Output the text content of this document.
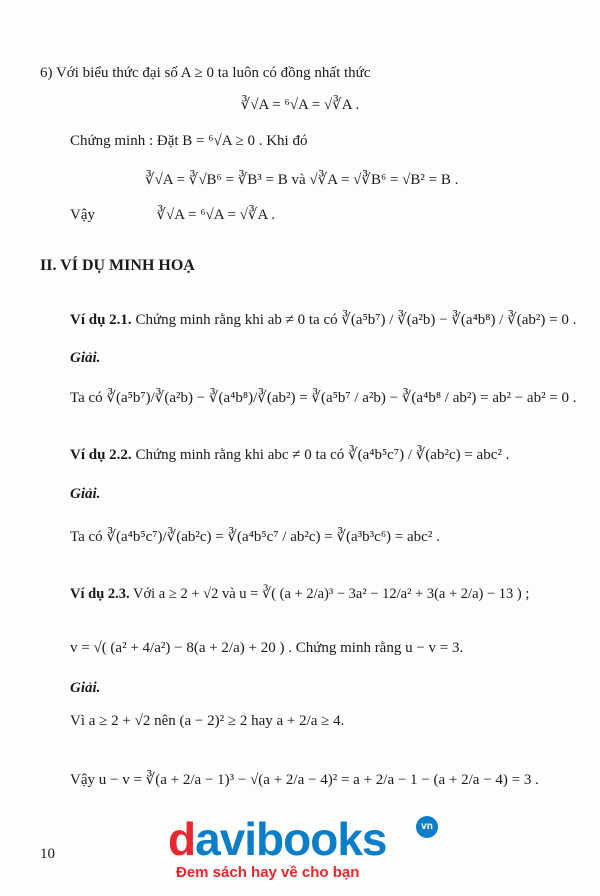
6) Với biểu thức đại số A ≥ 0 ta luôn có đồng nhất thức
∛√A = ⁶√A = √∛A .
Chứng minh : Đặt B = ⁶√A ≥ 0 . Khi đó
∛√A = ∛√B⁶ = ∛B³ = B và √∛A = √∛B⁶ = √B² = B .
Vậy	∛√A = ⁶√A = √∛A .
II. VÍ DỤ MINH HOẠ
Ví dụ 2.1. Chứng minh rằng khi ab ≠ 0 ta có ∛(a⁵b⁷) / ∛(a²b) − ∛(a⁴b⁸) / ∛(ab²) = 0 .
Giải.
Ta có ∛(a⁵b⁷)/∛(a²b) − ∛(a⁴b⁸)/∛(ab²) = ∛(a⁵b⁷ / a²b) − ∛(a⁴b⁸ / ab²) = ab² − ab² = 0 .
Ví dụ 2.2. Chứng minh rằng khi abc ≠ 0 ta có ∛(a⁴b⁵c⁷) / ∛(ab²c) = abc² .
Giải.
Ta có ∛(a⁴b⁵c⁷)/∛(ab²c) = ∛(a⁴b⁵c⁷ / ab²c) = ∛(a³b³c⁶) = abc² .
Ví dụ 2.3. Với a ≥ 2 + √2 và u = ∛( (a + 2/a)³ − 3a² − 12/a² + 3(a + 2/a) − 13 ) ;
v = √( (a² + 4/a²) − 8(a + 2/a) + 20 ) . Chứng minh rằng u − v = 3.
Giải.
Vì a ≥ 2 + √2 nên (a − 2)² ≥ 2 hay a + 2/a ≥ 4.
Vậy u − v = ∛(a + 2/a − 1)³ − √(a + 2/a − 4)² = a + 2/a − 1 − (a + 2/a − 4) = 3 .
10 davibooks	vn
Đem sách hay về cho bạn
